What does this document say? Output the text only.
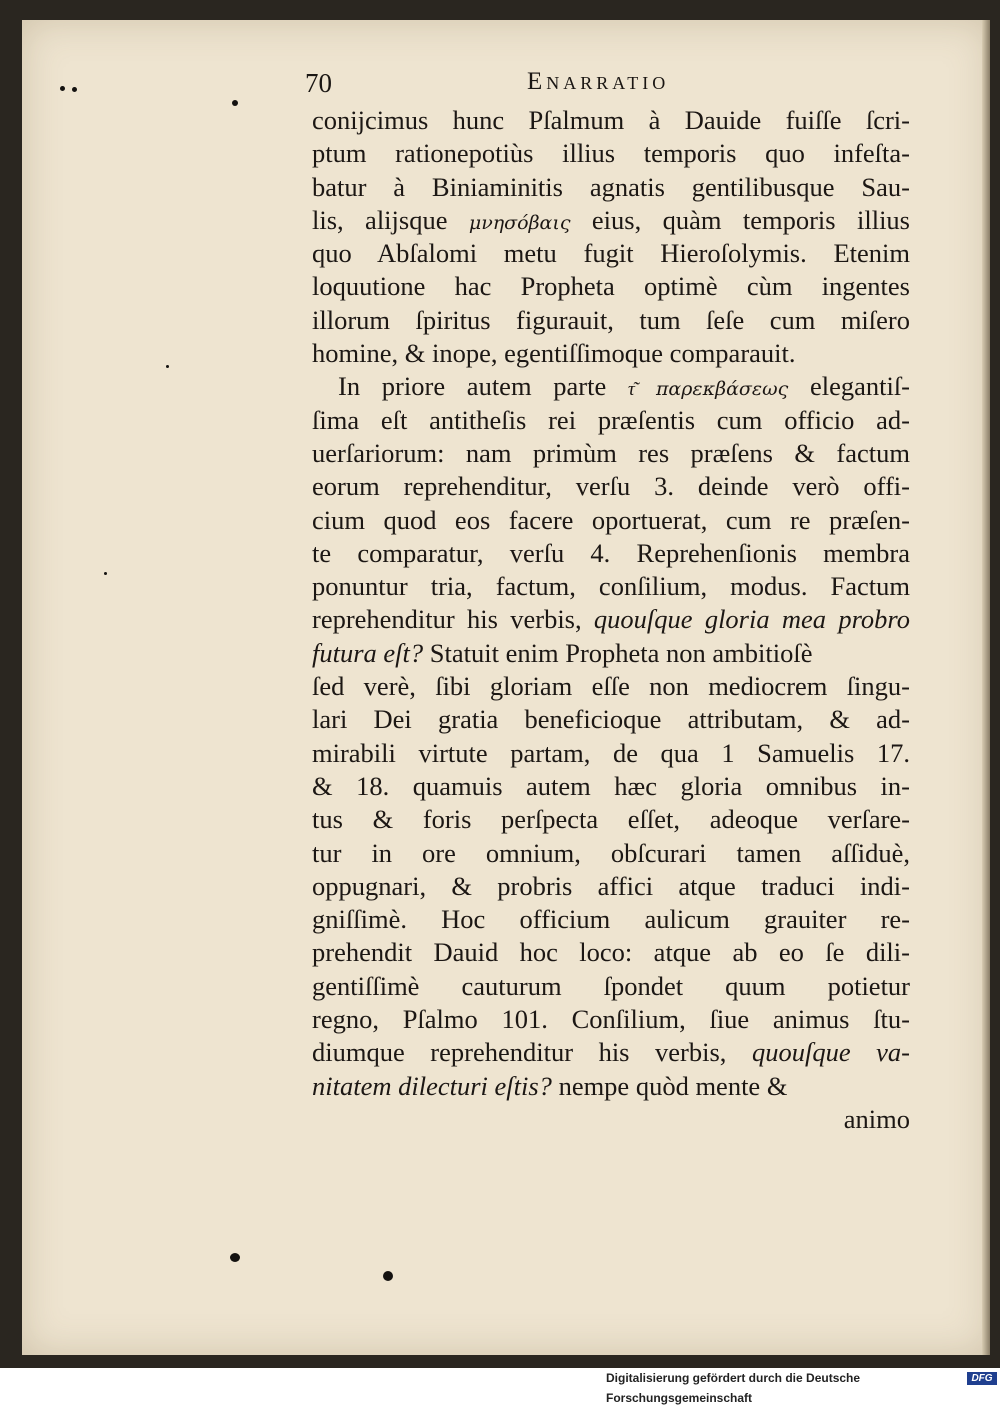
70	Enarratio
conijcimus hunc Pſalmum à Dauide fuiſſe ſcri-
ptum rationepotiùs illius temporis quo infeſta-
batur à Biniaminitis agnatis gentilibusque Sau-
lis, alijsque μνησόβαις eius, quàm temporis illius
quo Abſalomi metu fugit Hieroſolymis. Etenim
loquutione hac Propheta optimè cùm ingentes
illorum ſpiritus figurauit, tum ſeſe cum miſero
homine, & inope, egentiſſimoque comparauit.
In priore autem parte τ͂ παρεκβάσεως elegantiſ-
ſima eſt antitheſis rei præſentis cum officio ad-
uerſariorum: nam primùm res præſens & factum
eorum reprehenditur, verſu 3. deinde verò offi-
cium quod eos facere oportuerat, cum re præſen-
te comparatur, verſu 4. Reprehenſionis membra
ponuntur tria, factum, conſilium, modus. Factum
reprehenditur his verbis, quouſque gloria mea probro
futura eſt? Statuit enim Propheta non ambitioſè
ſed verè, ſibi gloriam eſſe non mediocrem ſingu-
lari Dei gratia beneficioque attributam, & ad-
mirabili virtute partam, de qua 1 Samuelis 17.
& 18. quamuis autem hæc gloria omnibus in-
tus & foris perſpecta eſſet, adeoque verſare-
tur in ore omnium, obſcurari tamen aſſiduè,
oppugnari, & probris affici atque traduci indi-
gniſſimè. Hoc officium aulicum grauiter re-
prehendit Dauid hoc loco: atque ab eo ſe dili-
gentiſſimè cauturum ſpondet quum potietur
regno, Pſalmo 101. Conſilium, ſiue animus ſtu-
diumque reprehenditur his verbis, quouſque va-
nitatem dilecturi eſtis? nempe quòd mente &
animo
Digitalisierung gefördert durch die Deutsche Forschungsgemeinschaft
DFG
